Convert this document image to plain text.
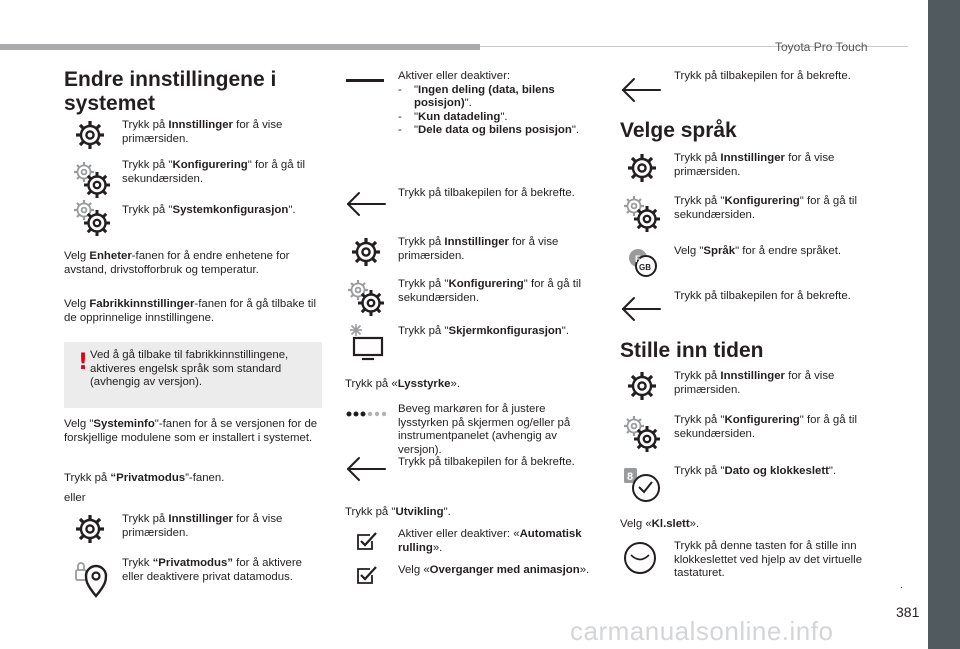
Toyota Pro Touch
.
381
carmanualsonline.info
Endre innstillingene i
systemet
Trykk på Innstillinger for å vise primærsiden.
Trykk på "Konfigurering" for å gå til sekundærsiden.
Trykk på "Systemkonfigurasjon".
Velg Enheter-fanen for å endre enhetene for avstand, drivstofforbruk og temperatur.
Velg Fabrikkinnstillinger-fanen for å gå tilbake til de opprinnelige innstillingene.
! Ved å gå tilbake til fabrikkinnstillingene, aktiveres engelsk språk som standard (avhengig av versjon).
Velg "Systeminfo"-fanen for å se versjonen for de forskjellige modulene som er installert i systemet.
Trykk på “Privatmodus”-fanen.
eller
Trykk på Innstillinger for å vise primærsiden.
Trykk “Privatmodus” for å aktivere eller deaktivere privat datamodus.
Aktiver eller deaktiver:
- "Ingen deling (data, bilens posisjon)".
- "Kun datadeling".
- "Dele data og bilens posisjon".
Trykk på tilbakepilen for å bekrefte.
Trykk på Innstillinger for å vise primærsiden.
Trykk på "Konfigurering" for å gå til sekundærsiden.
Trykk på "Skjermkonfigurasjon".
Trykk på «Lysstyrke».
Beveg markøren for å justere lysstyrken på skjermen og/eller på instrumentpanelet (avhengig av versjon).
Trykk på tilbakepilen for å bekrefte.
Trykk på "Utvikling".
Aktiver eller deaktiver: «Automatisk rulling».
Velg «Overganger med animasjon».
Trykk på tilbakepilen for å bekrefte.
Velge språk
Trykk på Innstillinger for å vise primærsiden.
Trykk på "Konfigurering" for å gå til sekundærsiden.
F
GB
Velg "Språk" for å endre språket.
Trykk på tilbakepilen for å bekrefte.
Stille inn tiden
Trykk på Innstillinger for å vise primærsiden.
Trykk på "Konfigurering" for å gå til sekundærsiden.
8	Trykk på "Dato og klokkeslett".
Velg «Kl.slett».
Trykk på denne tasten for å stille inn klokkeslettet ved hjelp av det virtuelle tastaturet.
